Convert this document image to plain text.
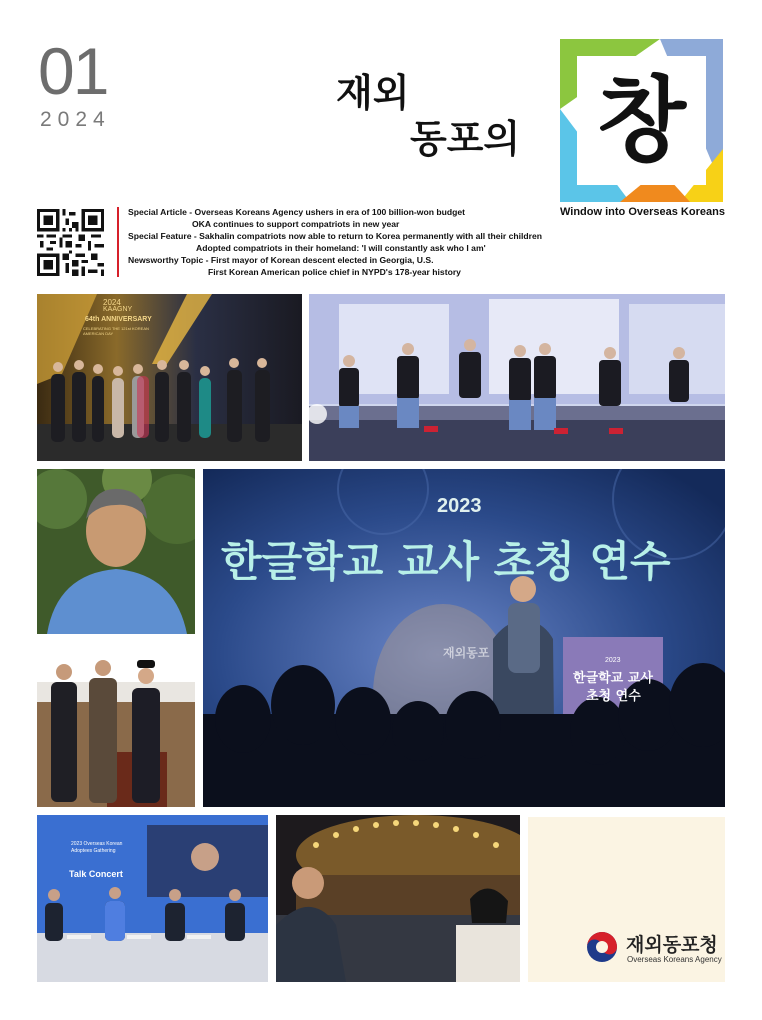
01
2024
재외
동포의 창
Window into Overseas Koreans
Special Article - Overseas Koreans Agency ushers in era of 100 billion-won budget
OKA continues to support compatriots in new year
Special Feature - Sakhalin compatriots now able to return to Korea permanently with all their children
Adopted compatriots in their homeland: 'I will constantly ask who I am'
Newsworthy Topic - First mayor of Korean descent elected in Georgia, U.S.
First Korean American police chief in NYPD's 178-year history
2024
KAAGNY
64th ANNIVERSARY
CELEBRATING THE 121st KOREAN AMERICAN DAY
2023
한글학교 교사 초청 연수
재외동포
2023
한글학교 교사
초청 연수
2023 Overseas Korean
Adoptees Gathering
Talk Concert
재외동포청
Overseas Koreans Agency
